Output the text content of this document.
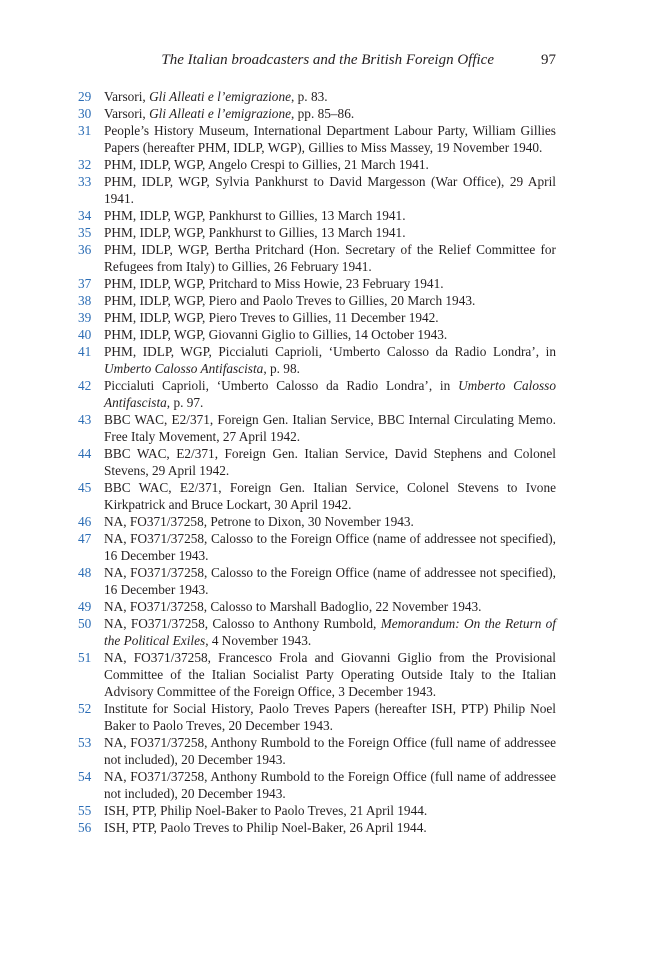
The Italian broadcasters and the British Foreign Office	97
29 Varsori, Gli Alleati e l’emigrazione, p. 83.
30 Varsori, Gli Alleati e l’emigrazione, pp. 85–86.
31 People’s History Museum, International Department Labour Party, William Gillies Papers (hereafter PHM, IDLP, WGP), Gillies to Miss Massey, 19 November 1940.
32 PHM, IDLP, WGP, Angelo Crespi to Gillies, 21 March 1941.
33 PHM, IDLP, WGP, Sylvia Pankhurst to David Margesson (War Office), 29 April 1941.
34 PHM, IDLP, WGP, Pankhurst to Gillies, 13 March 1941.
35 PHM, IDLP, WGP, Pankhurst to Gillies, 13 March 1941.
36 PHM, IDLP, WGP, Bertha Pritchard (Hon. Secretary of the Relief Committee for Refugees from Italy) to Gillies, 26 February 1941.
37 PHM, IDLP, WGP, Pritchard to Miss Howie, 23 February 1941.
38 PHM, IDLP, WGP, Piero and Paolo Treves to Gillies, 20 March 1943.
39 PHM, IDLP, WGP, Piero Treves to Gillies, 11 December 1942.
40 PHM, IDLP, WGP, Giovanni Giglio to Gillies, 14 October 1943.
41 PHM, IDLP, WGP, Piccialuti Caprioli, ‘Umberto Calosso da Radio Londra’, in Umberto Calosso Antifascista, p. 98.
42 Piccialuti Caprioli, ‘Umberto Calosso da Radio Londra’, in Umberto Calosso Antifascista, p. 97.
43 BBC WAC, E2/371, Foreign Gen. Italian Service, BBC Internal Circulating Memo. Free Italy Movement, 27 April 1942.
44 BBC WAC, E2/371, Foreign Gen. Italian Service, David Stephens and Colonel Stevens, 29 April 1942.
45 BBC WAC, E2/371, Foreign Gen. Italian Service, Colonel Stevens to Ivone Kirkpatrick and Bruce Lockart, 30 April 1942.
46 NA, FO371/37258, Petrone to Dixon, 30 November 1943.
47 NA, FO371/37258, Calosso to the Foreign Office (name of addressee not specified), 16 December 1943.
48 NA, FO371/37258, Calosso to the Foreign Office (name of addressee not specified), 16 December 1943.
49 NA, FO371/37258, Calosso to Marshall Badoglio, 22 November 1943.
50 NA, FO371/37258, Calosso to Anthony Rumbold, Memorandum: On the Return of the Political Exiles, 4 November 1943.
51 NA, FO371/37258, Francesco Frola and Giovanni Giglio from the Provisional Committee of the Italian Socialist Party Operating Outside Italy to the Italian Advisory Committee of the Foreign Office, 3 December 1943.
52 Institute for Social History, Paolo Treves Papers (hereafter ISH, PTP) Philip Noel Baker to Paolo Treves, 20 December 1943.
53 NA, FO371/37258, Anthony Rumbold to the Foreign Office (full name of addressee not included), 20 December 1943.
54 NA, FO371/37258, Anthony Rumbold to the Foreign Office (full name of addressee not included), 20 December 1943.
55 ISH, PTP, Philip Noel-Baker to Paolo Treves, 21 April 1944.
56 ISH, PTP, Paolo Treves to Philip Noel-Baker, 26 April 1944.
